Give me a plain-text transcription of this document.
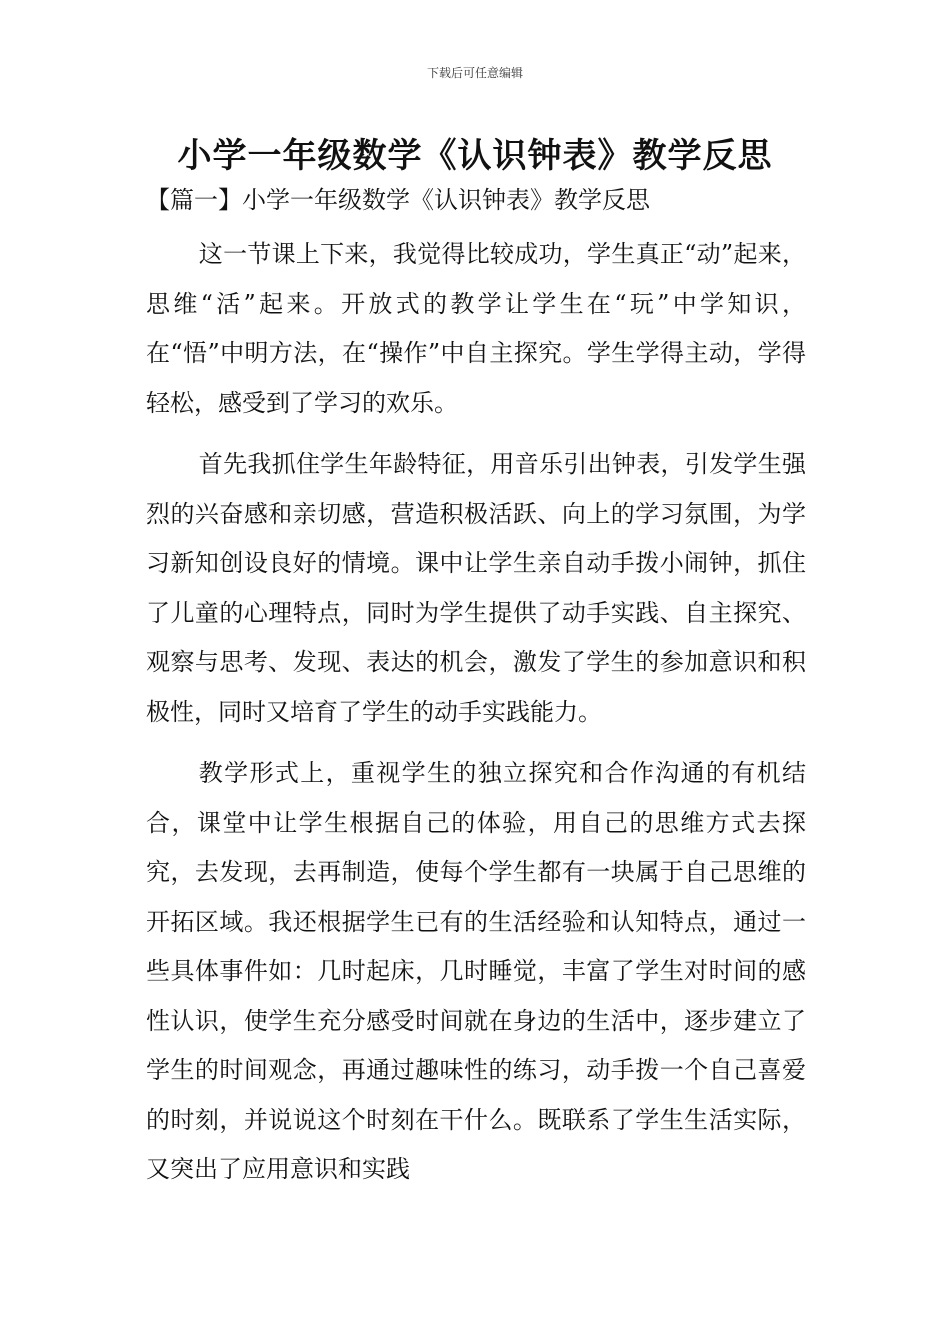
下载后可任意编辑
小学一年级数学《认识钟表》教学反思
【篇一】小学一年级数学《认识钟表》教学反思

这一节课上下来，我觉得比较成功，学生真正“动”起来，思维“活”起来。开放式的教学让学生在“玩”中学知识，在“悟”中明方法，在“操作”中自主探究。学生学得主动，学得轻松，感受到了学习的欢乐。

首先我抓住学生年龄特征，用音乐引出钟表，引发学生强烈的兴奋感和亲切感，营造积极活跃、向上的学习氛围，为学习新知创设良好的情境。课中让学生亲自动手拨小闹钟，抓住了儿童的心理特点，同时为学生提供了动手实践、自主探究、观察与思考、发现、表达的机会，激发了学生的参加意识和积极性，同时又培育了学生的动手实践能力。

教学形式上，重视学生的独立探究和合作沟通的有机结合，课堂中让学生根据自己的体验，用自己的思维方式去探究，去发现，去再制造，使每个学生都有一块属于自己思维的开拓区域。我还根据学生已有的生活经验和认知特点，通过一些具体事件如：几时起床，几时睡觉，丰富了学生对时间的感性认识，使学生充分感受时间就在身边的生活中，逐步建立了学生的时间观念，再通过趣味性的练习，动手拨一个自己喜爱的时刻，并说说这个时刻在干什么。既联系了学生生活实际，又突出了应用意识和实践
